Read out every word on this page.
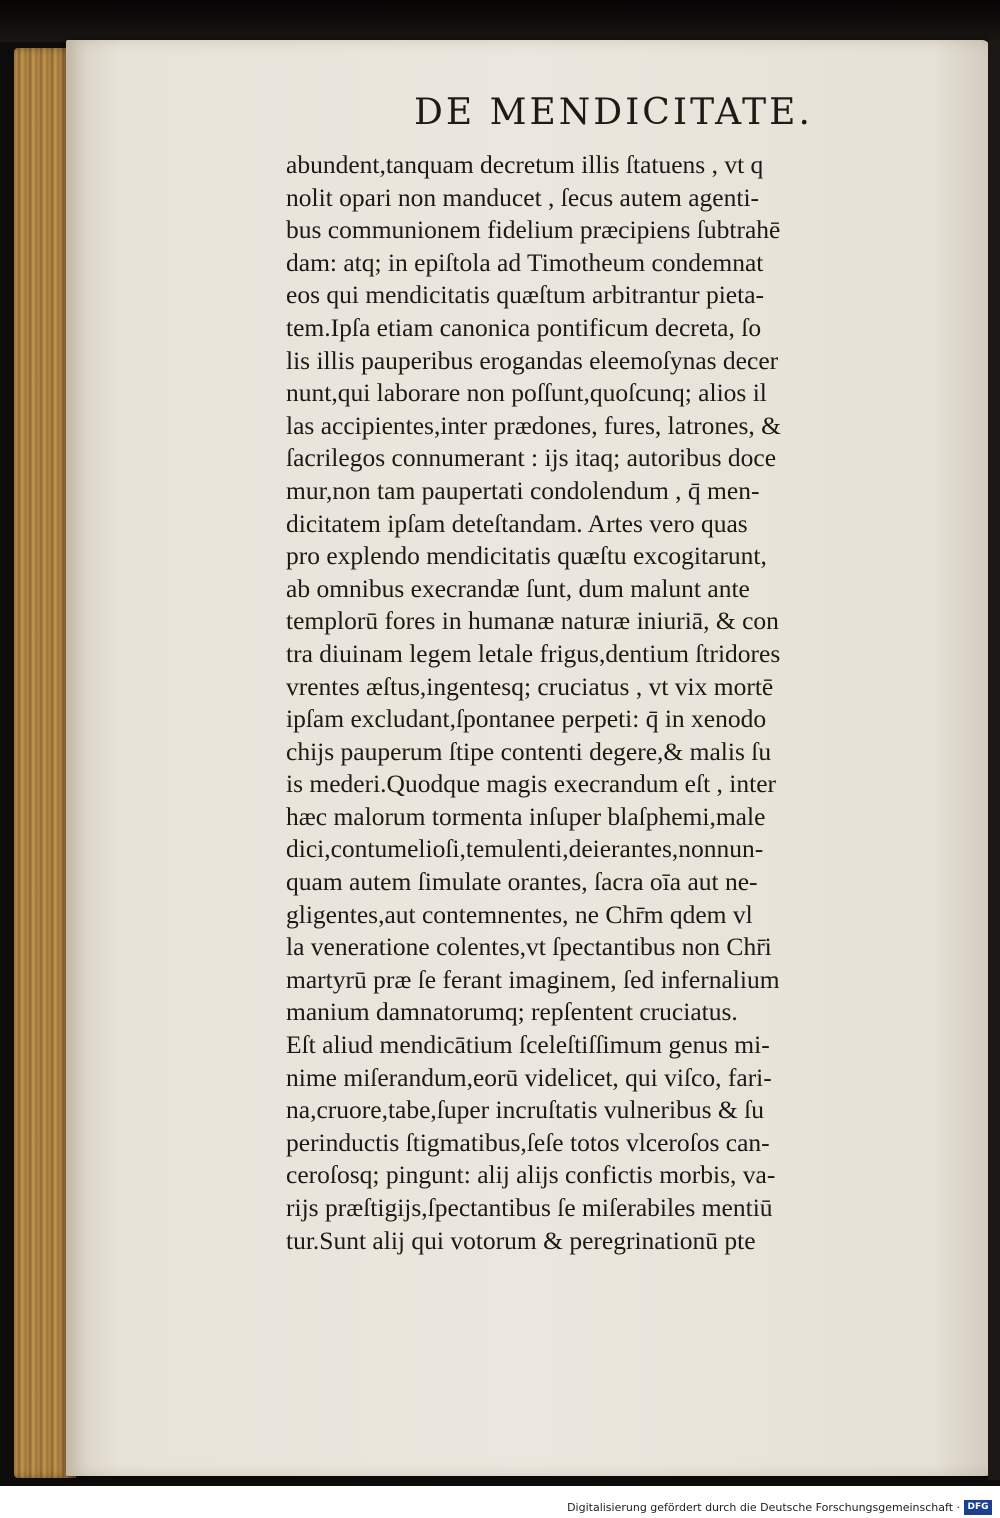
DE MENDICITATE.
abundent,tanquam decretum illis ſtatuens , vt q
nolit opari non manducet , ſecus autem agenti-
bus communionem fidelium præcipiens ſubtrahē
dam: atq; in epiſtola ad Timotheum condemnat
eos qui mendicitatis quæſtum arbitrantur pieta-
tem.Ipſa etiam canonica pontificum decreta, ſo
lis illis pauperibus erogandas eleemoſynas decer
nunt,qui laborare non poſſunt,quoſcunq; alios il
las accipientes,inter prædones, fures, latrones, &
ſacrilegos connumerant : ijs itaq; autoribus doce
mur,non tam paupertati condolendum , q̄ men-
dicitatem ipſam deteſtandam. Artes vero quas
pro explendo mendicitatis quæſtu excogitarunt,
ab omnibus execrandæ ſunt, dum malunt ante
templorū fores in humanæ naturæ iniuriā, & con
tra diuinam legem letale frigus,dentium ſtridores
vrentes æſtus,ingentesq; cruciatus , vt vix mortē
ipſam excludant,ſpontanee perpeti: q̄ in xenodo
chijs pauperum ſtipe contenti degere,& malis ſu
is mederi.Quodque magis execrandum eſt , inter
hæc malorum tormenta inſuper blaſphemi,male
dici,contumelioſi,temulenti,deierantes,nonnun-
quam autem ſimulate orantes, ſacra oīa aut ne-
gligentes,aut contemnentes, ne Chr̄m qdem vl
la veneratione colentes,vt ſpectantibus non Chr̄i
martyrū præ ſe ferant imaginem, ſed infernalium
manium damnatorumq; repſentent cruciatus.
Eſt aliud mendicātium ſceleſtiſſimum genus mi-
nime miſerandum,eorū videlicet, qui viſco, fari-
na,cruore,tabe,ſuper incruſtatis vulneribus & ſu
perinductis ſtigmatibus,ſeſe totos vlceroſos can-
ceroſosq; pingunt: alij alijs confictis morbis, va-
rijs præſtigijs,ſpectantibus ſe miſerabiles mentiū
tur.Sunt alij qui votorum & peregrinationū pte
Digitalisierung gefördert durch die Deutsche Forschungsgemeinschaft · DFG
